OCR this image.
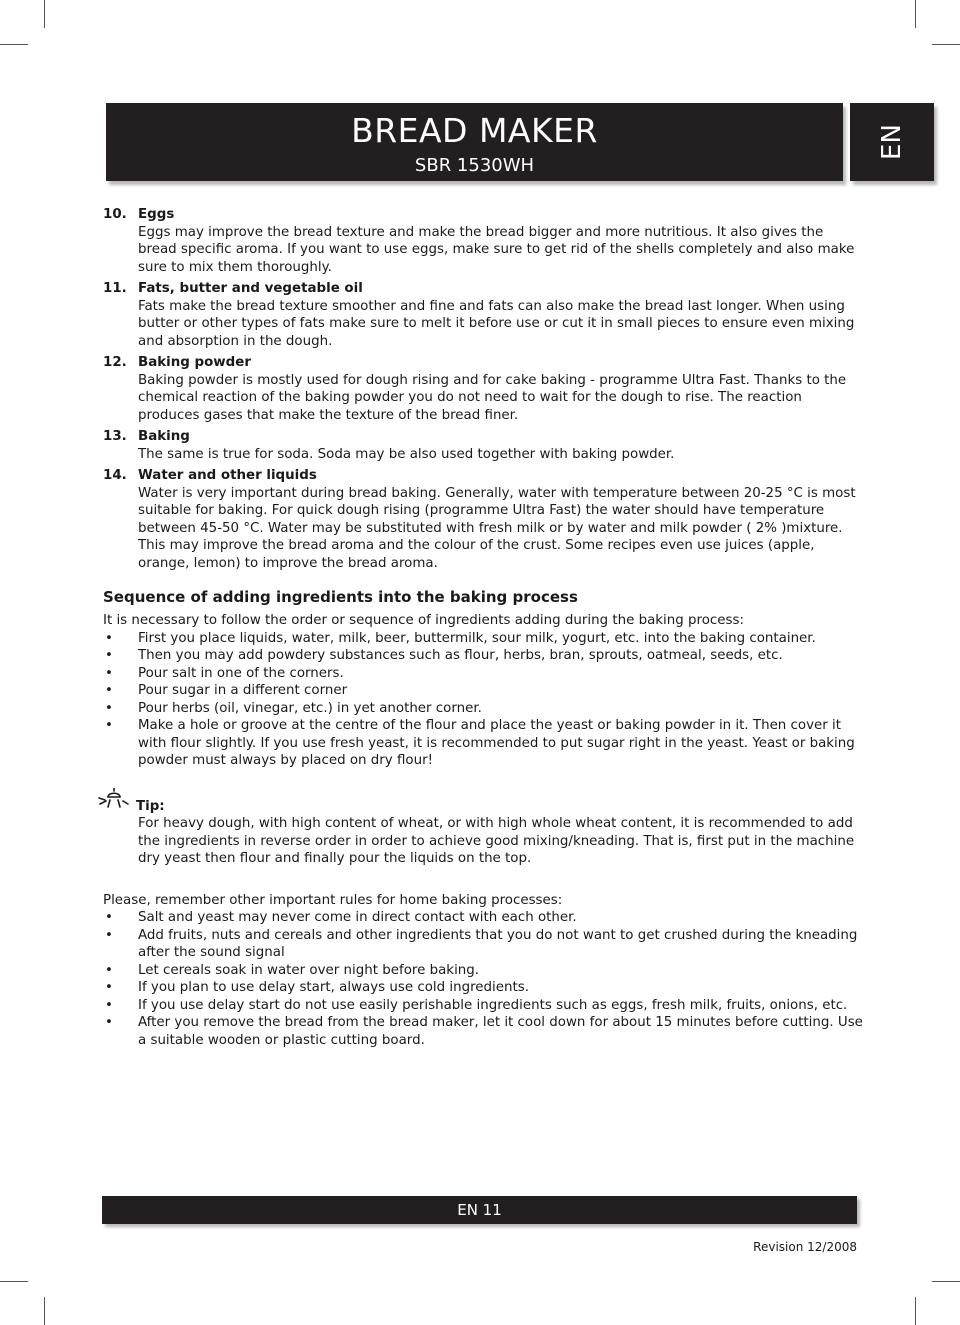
BREAD MAKER
SBR 1530WH
EN
10. Eggs
Eggs may improve the bread texture and make the bread bigger and more nutritious. It also gives the bread specific aroma. If you want to use eggs, make sure to get rid of the shells completely and also make sure to mix them thoroughly.
11. Fats, butter and vegetable oil
Fats make the bread texture smoother and fine and fats can also make the bread last longer. When using butter or other types of fats make sure to melt it before use or cut it in small pieces to ensure even mixing and absorption in the dough.
12. Baking powder
Baking powder is mostly used for dough rising and for cake baking - programme Ultra Fast. Thanks to the chemical reaction of the baking powder you do not need to wait for the dough to rise. The reaction produces gases that make the texture of the bread finer.
13. Baking
The same is true for soda. Soda may be also used together with baking powder.
14. Water and other liquids
Water is very important during bread baking. Generally, water with temperature between 20-25 °C is most suitable for baking. For quick dough rising (programme Ultra Fast) the water should have temperature between 45-50 °C. Water may be substituted with fresh milk or by water and milk powder ( 2% )mixture. This may improve the bread aroma and the colour of the crust. Some recipes even use juices (apple, orange, lemon) to improve the bread aroma.
Sequence of adding ingredients into the baking process
It is necessary to follow the order or sequence of ingredients adding during the baking process:
• First you place liquids, water, milk, beer, buttermilk, sour milk, yogurt, etc. into the baking container.
• Then you may add powdery substances such as flour, herbs, bran, sprouts, oatmeal, seeds, etc.
• Pour salt in one of the corners.
• Pour sugar in a different corner
• Pour herbs (oil, vinegar, etc.) in yet another corner.
• Make a hole or groove at the centre of the flour and place the yeast or baking powder in it. Then cover it with flour slightly. If you use fresh yeast, it is recommended to put sugar right in the yeast. Yeast or baking powder must always by placed on dry flour!
Tip:
For heavy dough, with high content of wheat, or with high whole wheat content, it is recommended to add the ingredients in reverse order in order to achieve good mixing/kneading. That is, first put in the machine dry yeast then flour and finally pour the liquids on the top.
Please, remember other important rules for home baking processes:
• Salt and yeast may never come in direct contact with each other.
• Add fruits, nuts and cereals and other ingredients that you do not want to get crushed during the kneading after the sound signal
• Let cereals soak in water over night before baking.
• If you plan to use delay start, always use cold ingredients.
• If you use delay start do not use easily perishable ingredients such as eggs, fresh milk, fruits, onions, etc.
• After you remove the bread from the bread maker, let it cool down for about 15 minutes before cutting. Use a suitable wooden or plastic cutting board.
EN 11
Revision 12/2008
